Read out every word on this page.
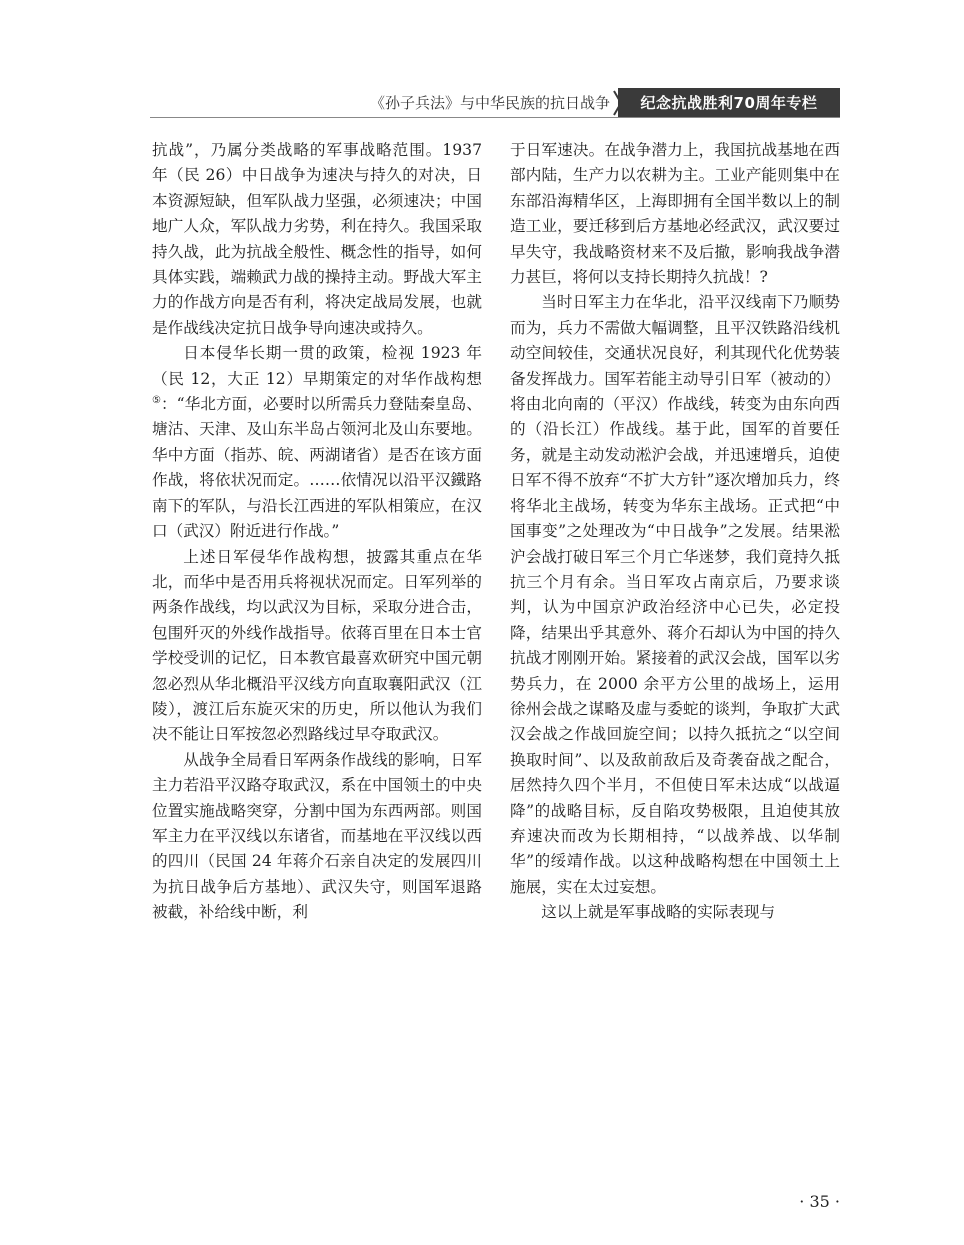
《孙子兵法》与中华民族的抗日战争	纪念抗战胜利70周年专栏

抗战”，乃属分类战略的军事战略范围。1937 年（民 26）中日战争为速决与持久的对决，日本资源短缺，但军队战力坚强，必须速决；中国地广人众，军队战力劣势，利在持久。我国采取持久战，此为抗战全般性、概念性的指导，如何具体实践，端赖武力战的操持主动。野战大军主力的作战方向是否有利，将决定战局发展，也就是作战线决定抗日战争导向速决或持久。

日本侵华长期一贯的政策，检视 1923 年（民 12，大正 12）早期策定的对华作战构想⑤：“华北方面，必要时以所需兵力登陆秦皇岛、塘沽、天津、及山东半岛占领河北及山东要地。华中方面（指苏、皖、两湖诸省）是否在该方面作战，将依状况而定。……依情况以沿平汉鐵路南下的军队，与沿长江西进的军队相策应，在汉口（武汉）附近进行作战。”

上述日军侵华作战构想，披露其重点在华北，而华中是否用兵将视状况而定。日军列举的两条作战线，均以武汉为目标，采取分进合击，包围歼灭的外线作战指导。依蒋百里在日本士官学校受训的记忆，日本教官最喜欢研究中国元朝忽必烈从华北概沿平汉线方向直取襄阳武汉（江陵），渡江后东旋灭宋的历史，所以他认为我们决不能让日军按忽必烈路线过早夺取武汉。

从战争全局看日军两条作战线的影响，日军主力若沿平汉路夺取武汉，系在中国领土的中央位置实施战略突穿，分割中国为东西两部。则国军主力在平汉线以东诸省，而基地在平汉线以西的四川（民国 24 年蒋介石亲自决定的发展四川为抗日战争后方基地）、武汉失守，则国军退路被截，补给线中断，利

于日军速决。在战争潜力上，我国抗战基地在西部内陆，生产力以农耕为主。工业产能则集中在东部沿海精华区，上海即拥有全国半数以上的制造工业，要迁移到后方基地必经武汉，武汉要过早失守，我战略资材来不及后撤，影响我战争潜力甚巨，将何以支持长期持久抗战！?

当时日军主力在华北，沿平汉线南下乃顺势而为，兵力不需做大幅调整，且平汉铁路沿线机动空间较佳，交通状况良好，利其现代化优势装备发挥战力。国军若能主动导引日军（被动的）将由北向南的（平汉）作战线，转变为由东向西的（沿长江）作战线。基于此，国军的首要任务，就是主动发动淞沪会战，并迅速增兵，迫使日军不得不放弃“不扩大方针”逐次增加兵力，终将华北主战场，转变为华东主战场。正式把“中国事变”之处理改为“中日战争”之发展。结果淞沪会战打破日军三个月亡华迷梦，我们竟持久抵抗三个月有余。当日军攻占南京后，乃要求谈判，认为中国京沪政治经济中心已失，必定投降，结果出乎其意外、蒋介石却认为中国的持久抗战才刚刚开始。紧接着的武汉会战，国军以劣势兵力，在 2000 余平方公里的战场上，运用徐州会战之谋略及虚与委蛇的谈判，争取扩大武汉会战之作战回旋空间；以持久抵抗之“以空间换取时间”、以及敌前敌后及奇袭奋战之配合，居然持久四个半月，不但使日军未达成“以战逼降”的战略目标，反自陷攻势极限，且迫使其放弃速决而改为长期相持，“以战养战、以华制华”的绥靖作战。以这种战略构想在中国领土上施展，实在太过妄想。

这以上就是军事战略的实际表现与

· 35 ·
